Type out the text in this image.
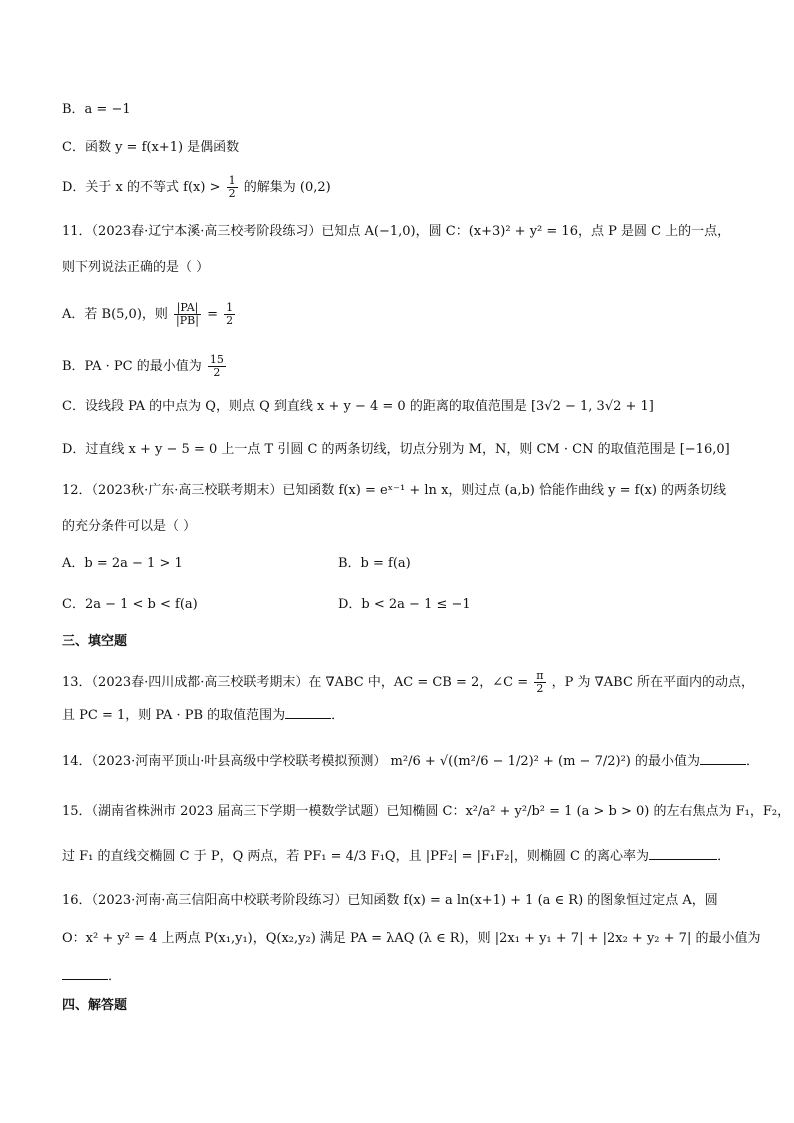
B．a = −1
C．函数 y = f(x+1) 是偶函数
D．关于 x 的不等式 $f(x) > \frac{1}{2}$ 的解集为 (0,2)
11．（2023春·辽宁本溪·高三校考阶段练习）已知点 A(−1,0)，圆 C：(x+3)² + y² = 16，点 P 是圆 C 上的一点，
则下列说法正确的是（ ）
A．若 B(5,0)，则 $\frac{|PA|}{|PB|} = \frac{1}{2}$
B．PA · PC 的最小值为 $\frac{15}{2}$
C．设线段 PA 的中点为 Q，则点 Q 到直线 x + y − 4 = 0 的距离的取值范围是 [3√2 − 1, 3√2 + 1]
D．过直线 x + y − 5 = 0 上一点 T 引圆 C 的两条切线，切点分别为 M，N，则 CM · CN 的取值范围是 [−16,0]
12．（2023秋·广东·高三校联考期末）已知函数 f(x) = eˣ⁻¹ + ln x，则过点 (a,b) 恰能作曲线 y = f(x) 的两条切线
的充分条件可以是（ ）
A．b = 2a − 1 > 1	B．b = f(a)
C．2a − 1 < b < f(a)	D．b < 2a − 1 ≤ −1
三、填空题
13．（2023春·四川成都·高三校联考期末）在 ∇ABC 中，AC = CB = 2，∠C = $\frac{\pi}{2}$ ，P 为 ∇ABC 所在平面内的动点，
且 PC = 1，则 PA · PB 的取值范围为	．
14．（2023·河南平顶山·叶县高级中学校联考模拟预测） m²/6 + √((m²/6 − 1/2)² + (m − 7/2)²) 的最小值为	．
15．（湖南省株洲市 2023 届高三下学期一模数学试题）已知椭圆 C：x²/a² + y²/b² = 1 (a > b > 0) 的左右焦点为 F₁，F₂，
过 F₁ 的直线交椭圆 C 于 P，Q 两点，若 PF₁ = 4/3 F₁Q，且 |PF₂| = |F₁F₂|，则椭圆 C 的离心率为	．
16．（2023·河南·高三信阳高中校联考阶段练习）已知函数 f(x) = a ln(x+1) + 1 (a ∈ R) 的图象恒过定点 A，圆
O：x² + y² = 4 上两点 P(x₁,y₁)，Q(x₂,y₂) 满足 PA = λAQ (λ ∈ R)，则 |2x₁ + y₁ + 7| + |2x₂ + y₂ + 7| 的最小值为
．
四、解答题
